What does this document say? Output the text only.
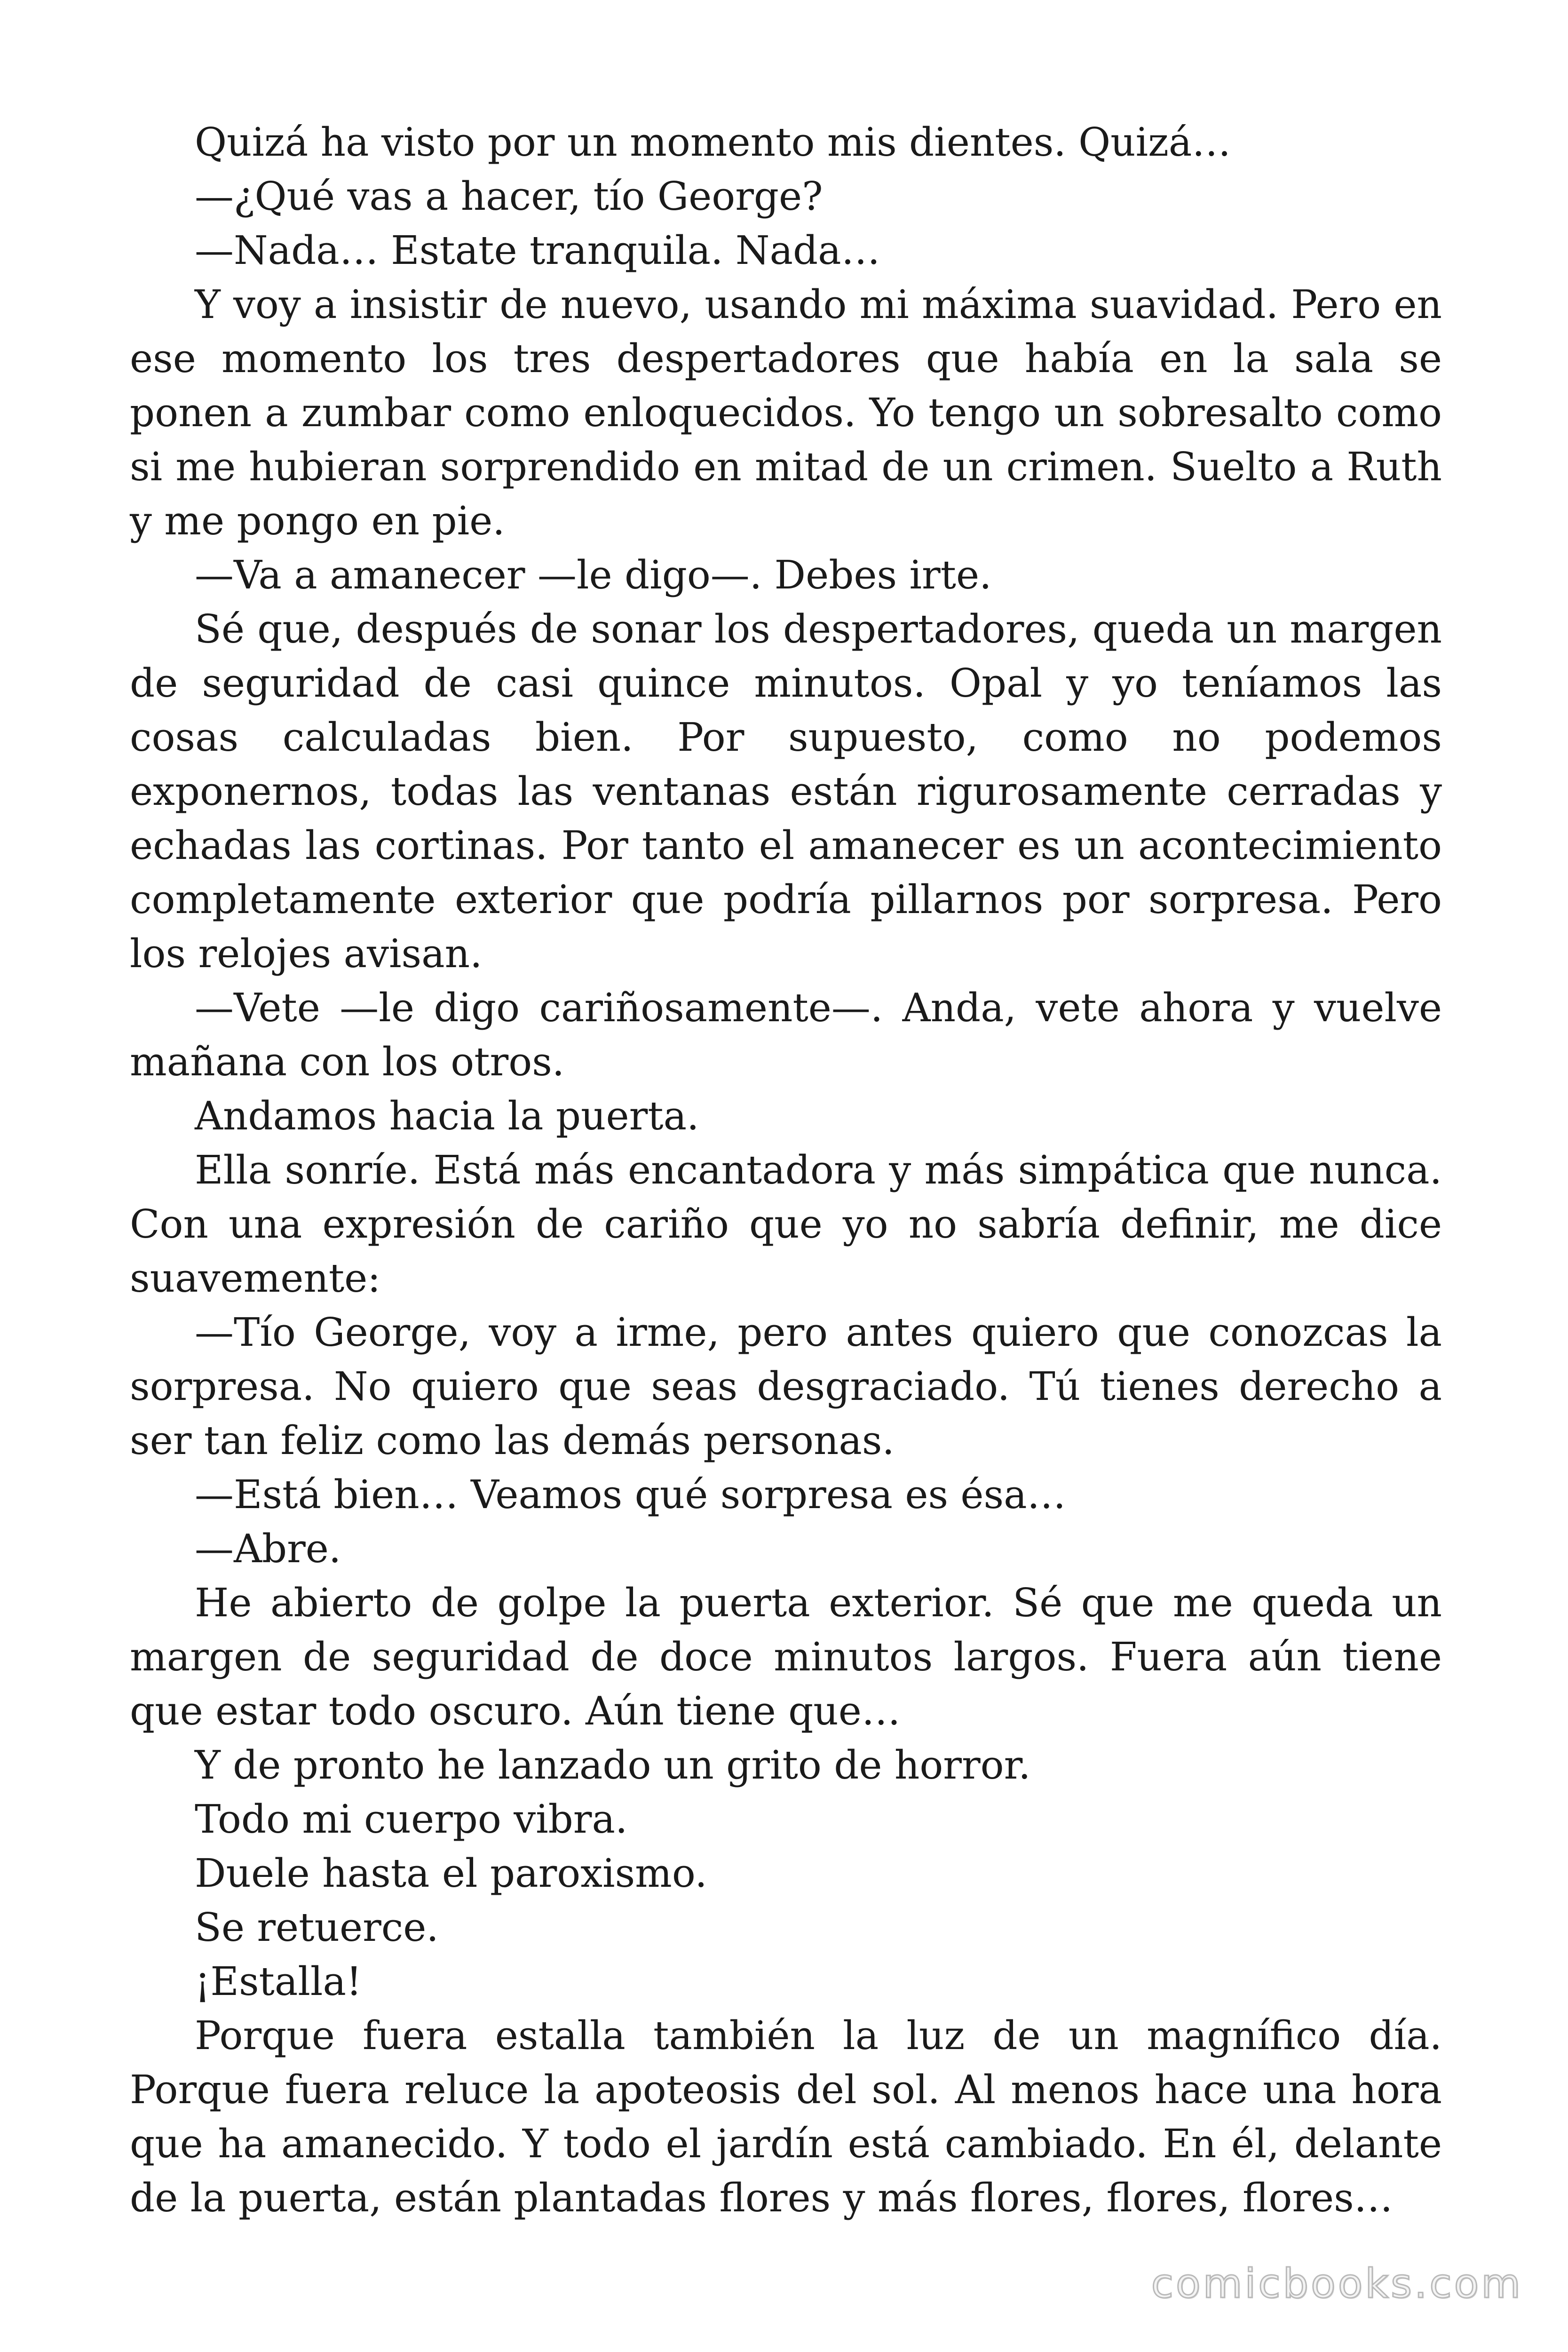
Quizá ha visto por un momento mis dientes. Quizá…

—¿Qué vas a hacer, tío George?

—Nada… Estate tranquila. Nada…

Y voy a insistir de nuevo, usando mi máxima suavidad. Pero en ese momento los tres despertadores que había en la sala se ponen a zumbar como enloquecidos. Yo tengo un sobresalto como si me hubieran sorprendido en mitad de un crimen. Suelto a Ruth y me pongo en pie.

—Va a amanecer —le digo—. Debes irte.

Sé que, después de sonar los despertadores, queda un margen de seguridad de casi quince minutos. Opal y yo teníamos las cosas calculadas bien. Por supuesto, como no podemos exponernos, todas las ventanas están rigurosamente cerradas y echadas las cortinas. Por tanto el amanecer es un acontecimiento completamente exterior que podría pillarnos por sorpresa. Pero los relojes avisan.

—Vete —le digo cariñosamente—. Anda, vete ahora y vuelve mañana con los otros.

Andamos hacia la puerta.

Ella sonríe. Está más encantadora y más simpática que nunca. Con una expresión de cariño que yo no sabría definir, me dice suavemente:

—Tío George, voy a irme, pero antes quiero que conozcas la sorpresa. No quiero que seas desgraciado. Tú tienes derecho a ser tan feliz como las demás personas.

—Está bien… Veamos qué sorpresa es ésa…

—Abre.

He abierto de golpe la puerta exterior. Sé que me queda un margen de seguridad de doce minutos largos. Fuera aún tiene que estar todo oscuro. Aún tiene que…

Y de pronto he lanzado un grito de horror.

Todo mi cuerpo vibra.

Duele hasta el paroxismo.

Se retuerce.

¡Estalla!

Porque fuera estalla también la luz de un magnífico día. Porque fuera reluce la apoteosis del sol. Al menos hace una hora que ha amanecido. Y todo el jardín está cambiado. En él, delante de la puerta, están plantadas flores y más flores, flores, flores…

comicbooks.com
